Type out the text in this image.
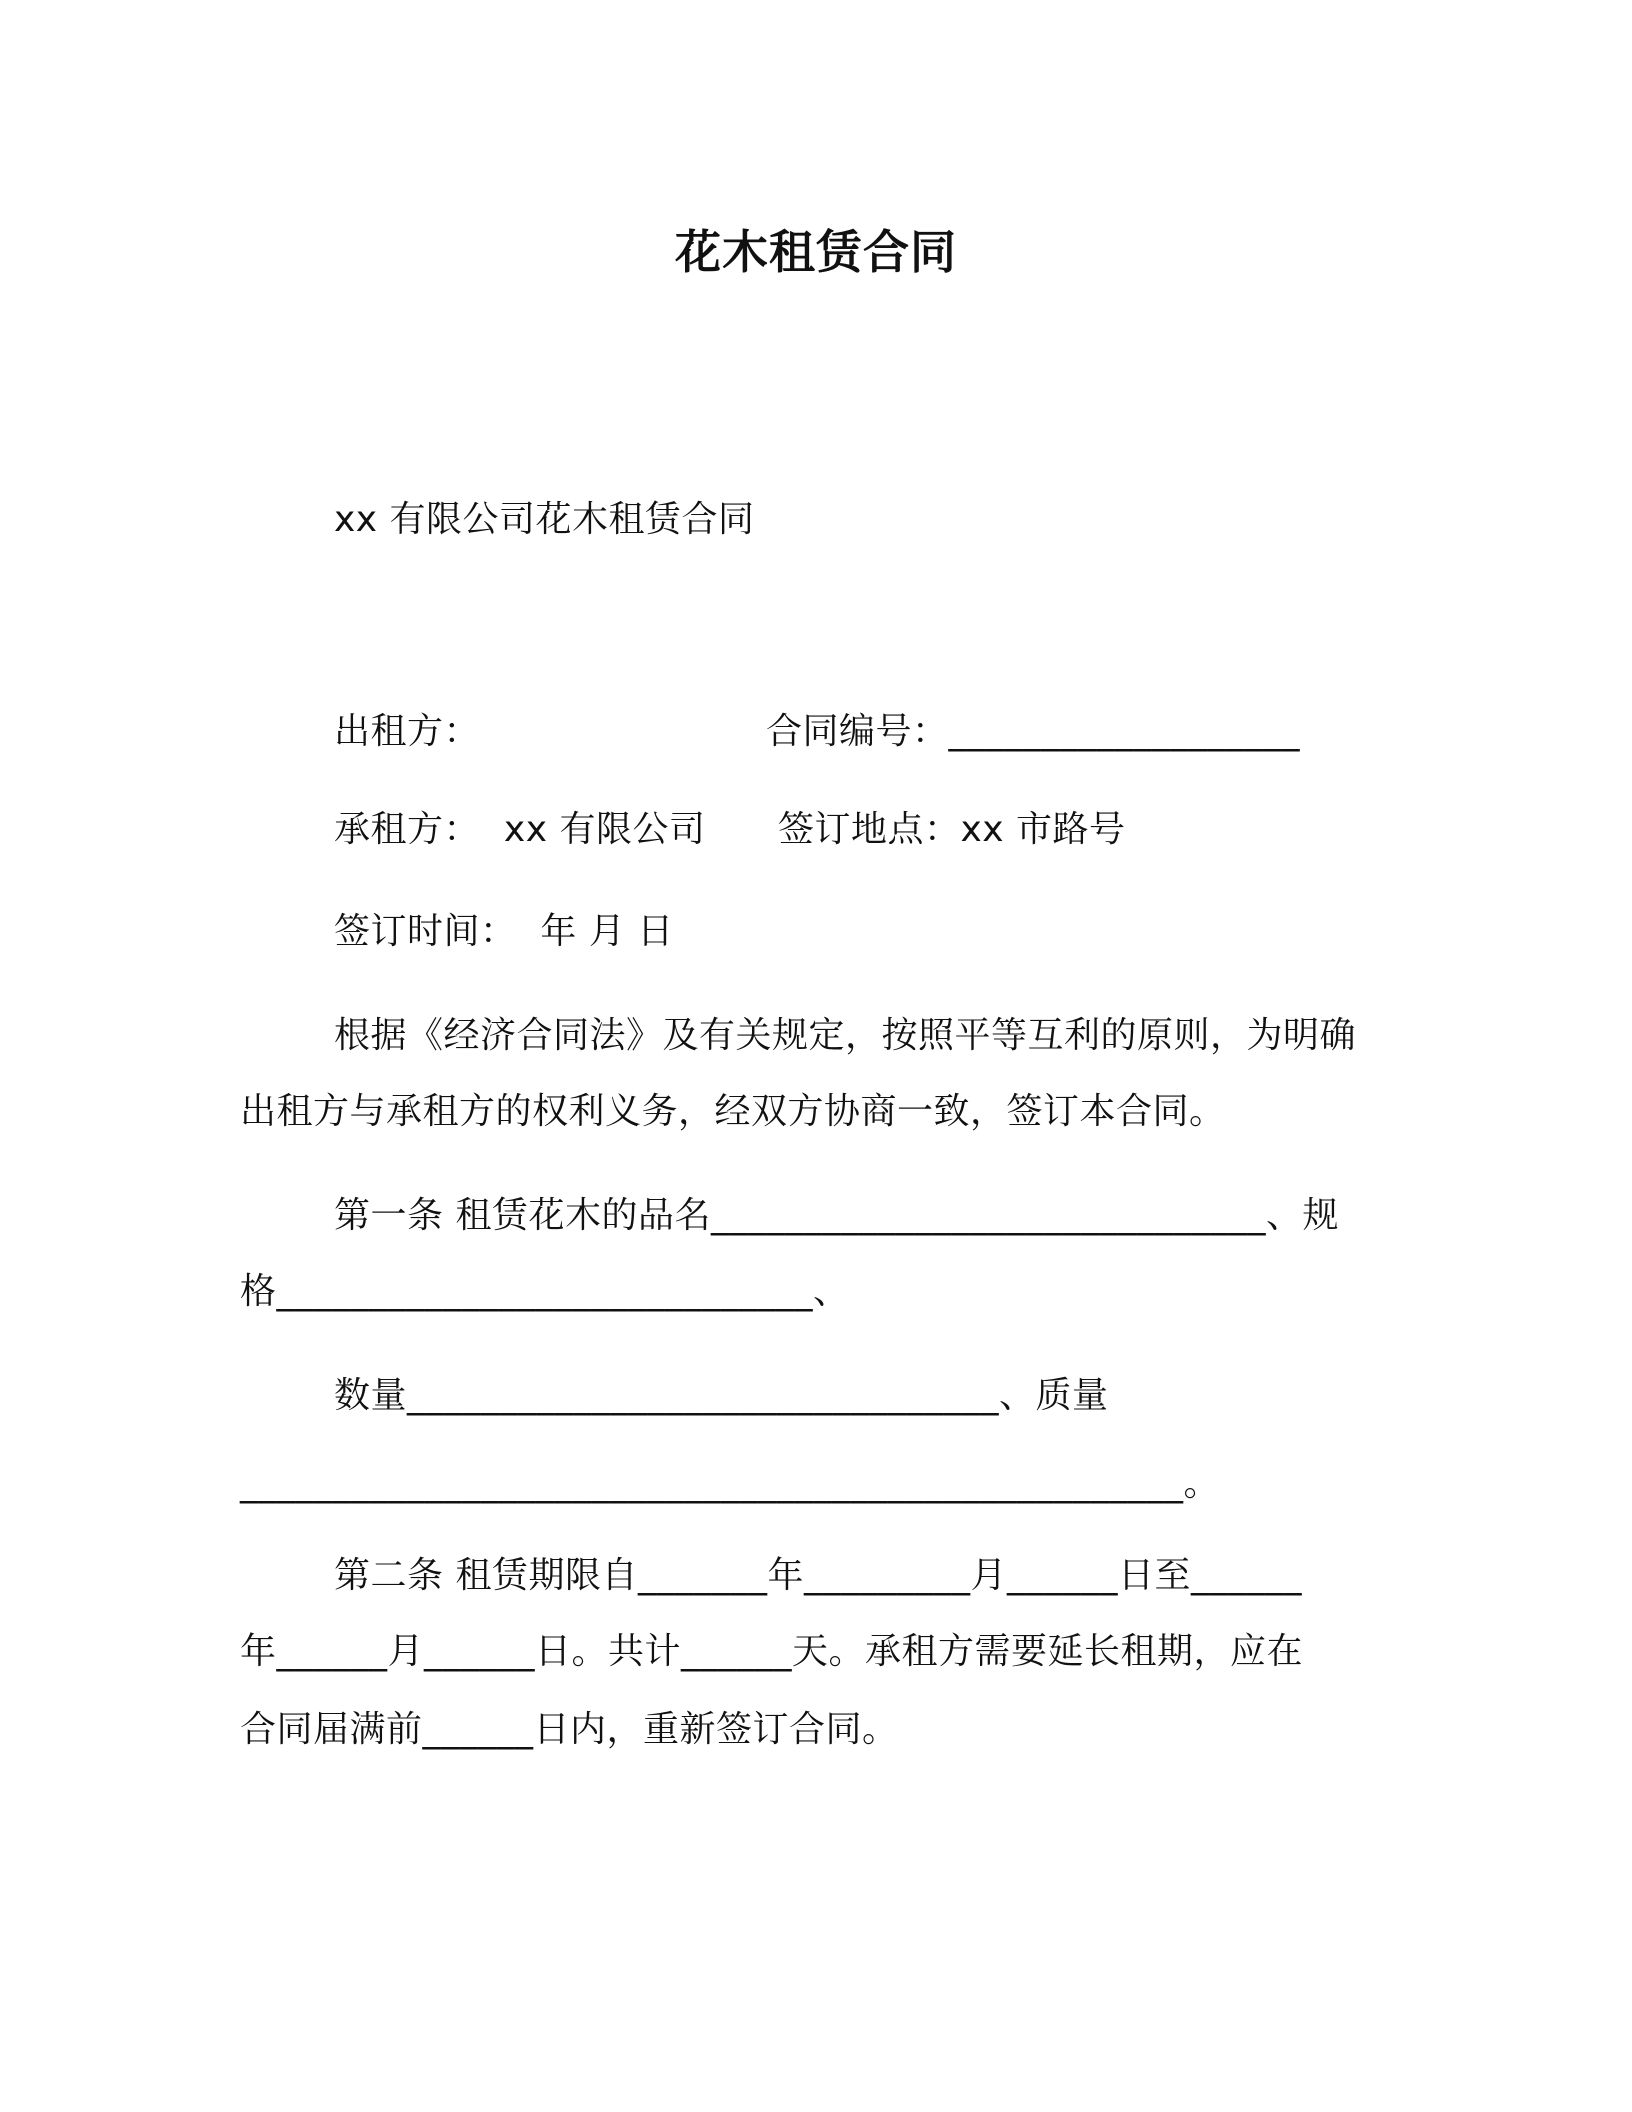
花木租赁合同
xx 有限公司花木租赁合同
出租方：	合同编号：___________________
承租方：  xx 有限公司 签订地点：xx 市路号
签订时间：  年 月 日
根据《经济合同法》及有关规定，按照平等互利的原则，为明确
出租方与承租方的权利义务，经双方协商一致，签订本合同。
第一条 租赁花木的品名______________________________、规
格_____________________________、
数量________________________________、质量
___________________________________________________。
第二条 租赁期限自_______年_________月______日至______
年______月______日。共计______天。承租方需要延长租期，应在
合同届满前______日内，重新签订合同。
